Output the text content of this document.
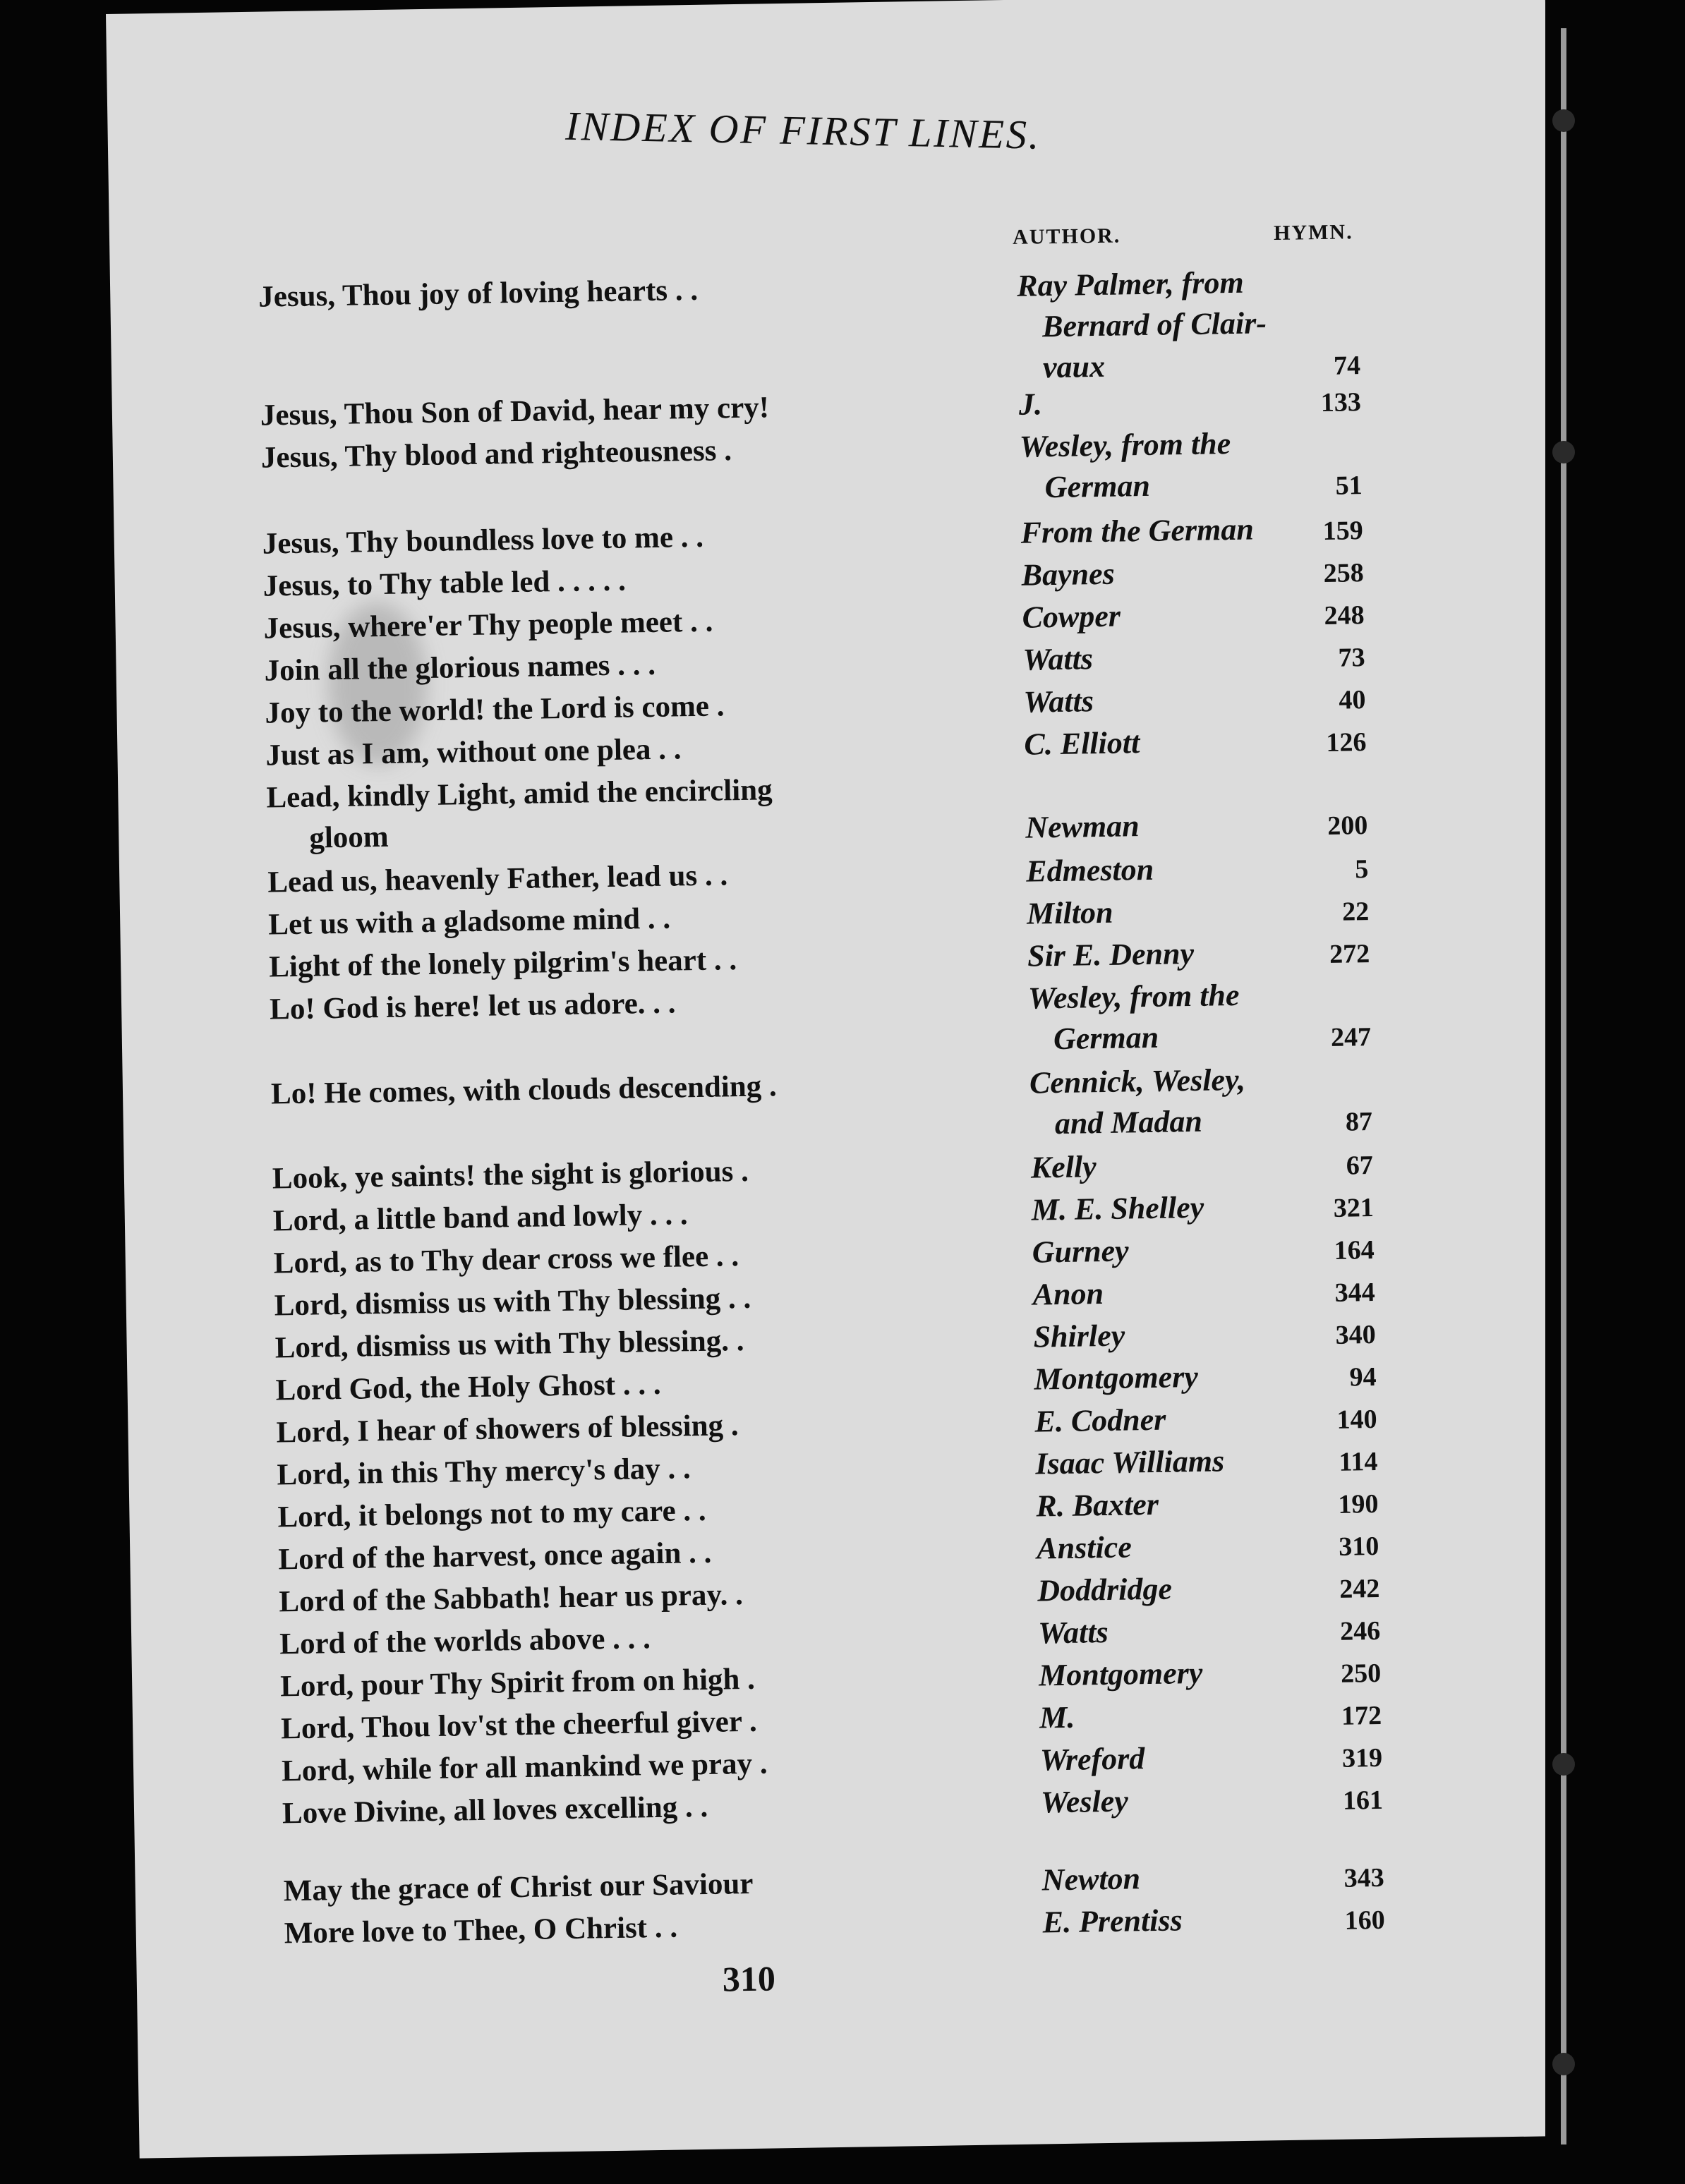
INDEX OF FIRST LINES.
AUTHOR.	HYMN.
Jesus, Thou joy of loving hearts . .	Ray Palmer, from
Bernard of Clair-
vaux	74
Jesus, Thou Son of David, hear my cry!	J.	133
Jesus, Thy blood and righteousness .	Wesley, from the
German	51
Jesus, Thy boundless love to me . .	From the German	159
Jesus, to Thy table led . . . . .	Baynes	258
Jesus, where'er Thy people meet . .	Cowper	248
Join all the glorious names . . .	Watts	73
Joy to the world! the Lord is come .	Watts	40
Just as I am, without one plea . .	C. Elliott	126
Lead, kindly Light, amid the encircling
gloom	Newman	200
Lead us, heavenly Father, lead us . .	Edmeston	5
Let us with a gladsome mind . .	Milton	22
Light of the lonely pilgrim's heart . .	Sir E. Denny	272
Lo! God is here! let us adore. . .	Wesley, from the
German	247
Lo! He comes, with clouds descending .	Cennick, Wesley,
and Madan	87
Look, ye saints! the sight is glorious .	Kelly	67
Lord, a little band and lowly . . .	M. E. Shelley	321
Lord, as to Thy dear cross we flee . .	Gurney	164
Lord, dismiss us with Thy blessing . .	Anon	344
Lord, dismiss us with Thy blessing. .	Shirley	340
Lord God, the Holy Ghost . . .	Montgomery	94
Lord, I hear of showers of blessing .	E. Codner	140
Lord, in this Thy mercy's day . .	Isaac Williams	114
Lord, it belongs not to my care . .	R. Baxter	190
Lord of the harvest, once again . .	Anstice	310
Lord of the Sabbath! hear us pray. .	Doddridge	242
Lord of the worlds above . . .	Watts	246
Lord, pour Thy Spirit from on high .	Montgomery	250
Lord, Thou lov'st the cheerful giver .	M.	172
Lord, while for all mankind we pray .	Wreford	319
Love Divine, all loves excelling . .	Wesley	161
May the grace of Christ our Saviour	Newton	343
More love to Thee, O Christ . .	E. Prentiss	160
310
